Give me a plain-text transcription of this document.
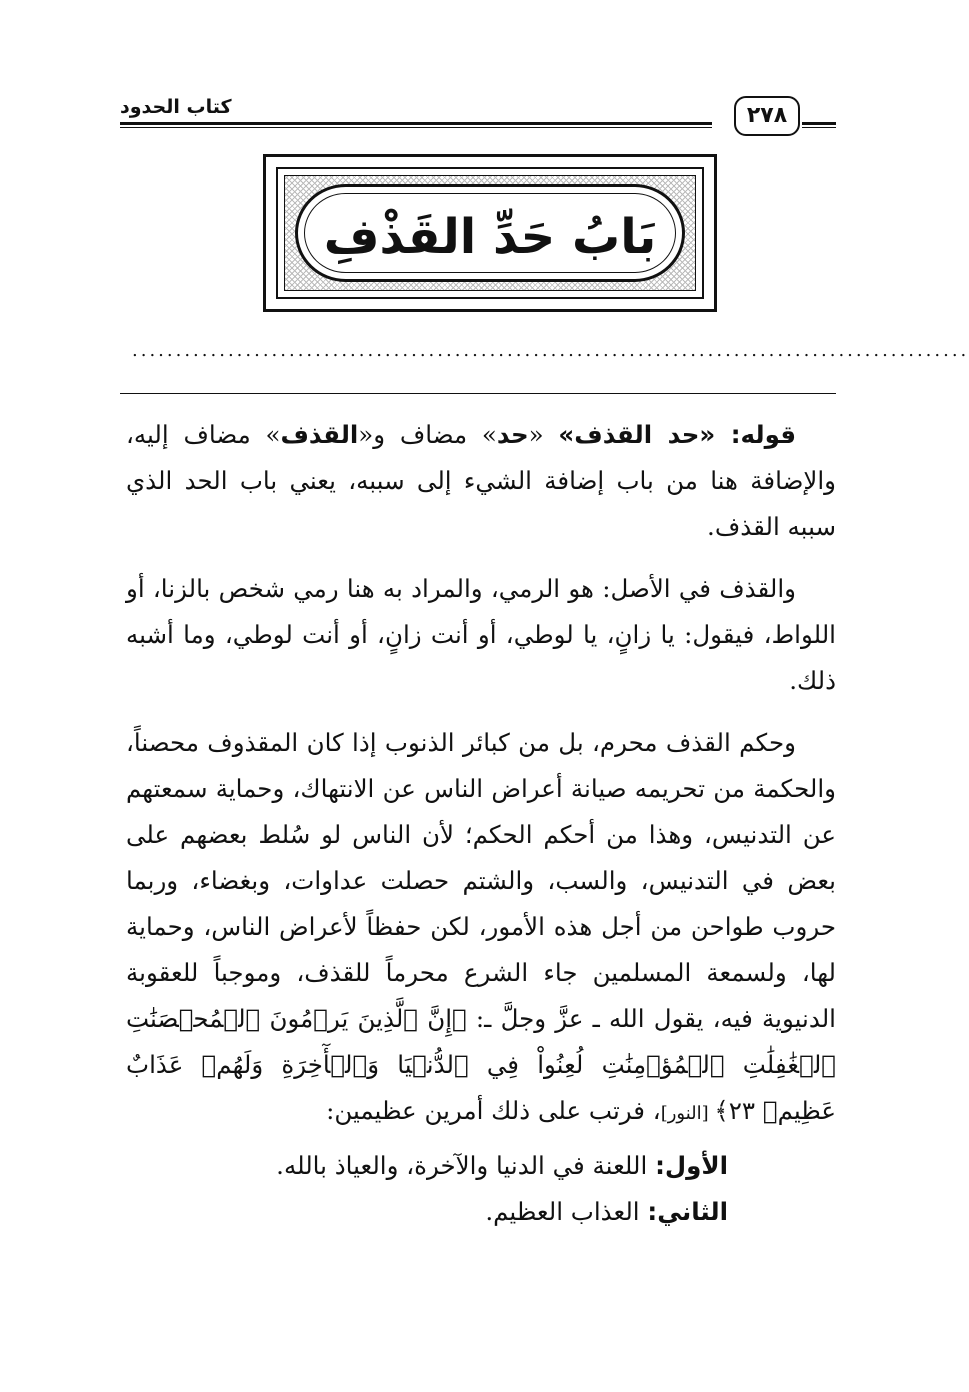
كتاب الحدود	٢٧٨
بَابُ حَدِّ القَذْفِ
................................................................................................

قوله: «حد القذف» «حد» مضاف و«القذف» مضاف إليه، والإضافة هنا من باب إضافة الشيء إلى سببه، يعني باب الحد الذي سببه القذف.

والقذف في الأصل: هو الرمي، والمراد به هنا رمي شخص بالزنا، أو اللواط، فيقول: يا زانٍ، يا لوطي، أو أنت زانٍ، أو أنت لوطي، وما أشبه ذلك.

وحكم القذف محرم، بل من كبائر الذنوب إذا كان المقذوف محصناً، والحكمة من تحريمه صيانة أعراض الناس عن الانتهاك، وحماية سمعتهم عن التدنيس، وهذا من أحكم الحكم؛ لأن الناس لو سُلط بعضهم على بعض في التدنيس، والسب، والشتم حصلت عداوات، وبغضاء، وربما حروب طواحن من أجل هذه الأمور، لكن حفظاً لأعراض الناس، وحماية لها، ولسمعة المسلمين جاء الشرع محرماً للقذف، وموجباً للعقوبة الدنيوية فيه، يقول الله ـ عزَّ وجلَّ ـ: ﴿إِنَّ ٱلَّذِينَ يَرۡمُونَ ٱلۡمُحۡصَنَٰتِ ٱلۡغَٰفِلَٰتِ ٱلۡمُؤۡمِنَٰتِ لُعِنُواْ فِي ٱلدُّنۡيَا وَٱلۡأٓخِرَةِ وَلَهُمۡ عَذَابٌ عَظِيمٞ ٢٣﴾ [النور]، فرتب على ذلك أمرين عظيمين:

الأول: اللعنة في الدنيا والآخرة، والعياذ بالله.

الثاني: العذاب العظيم.
